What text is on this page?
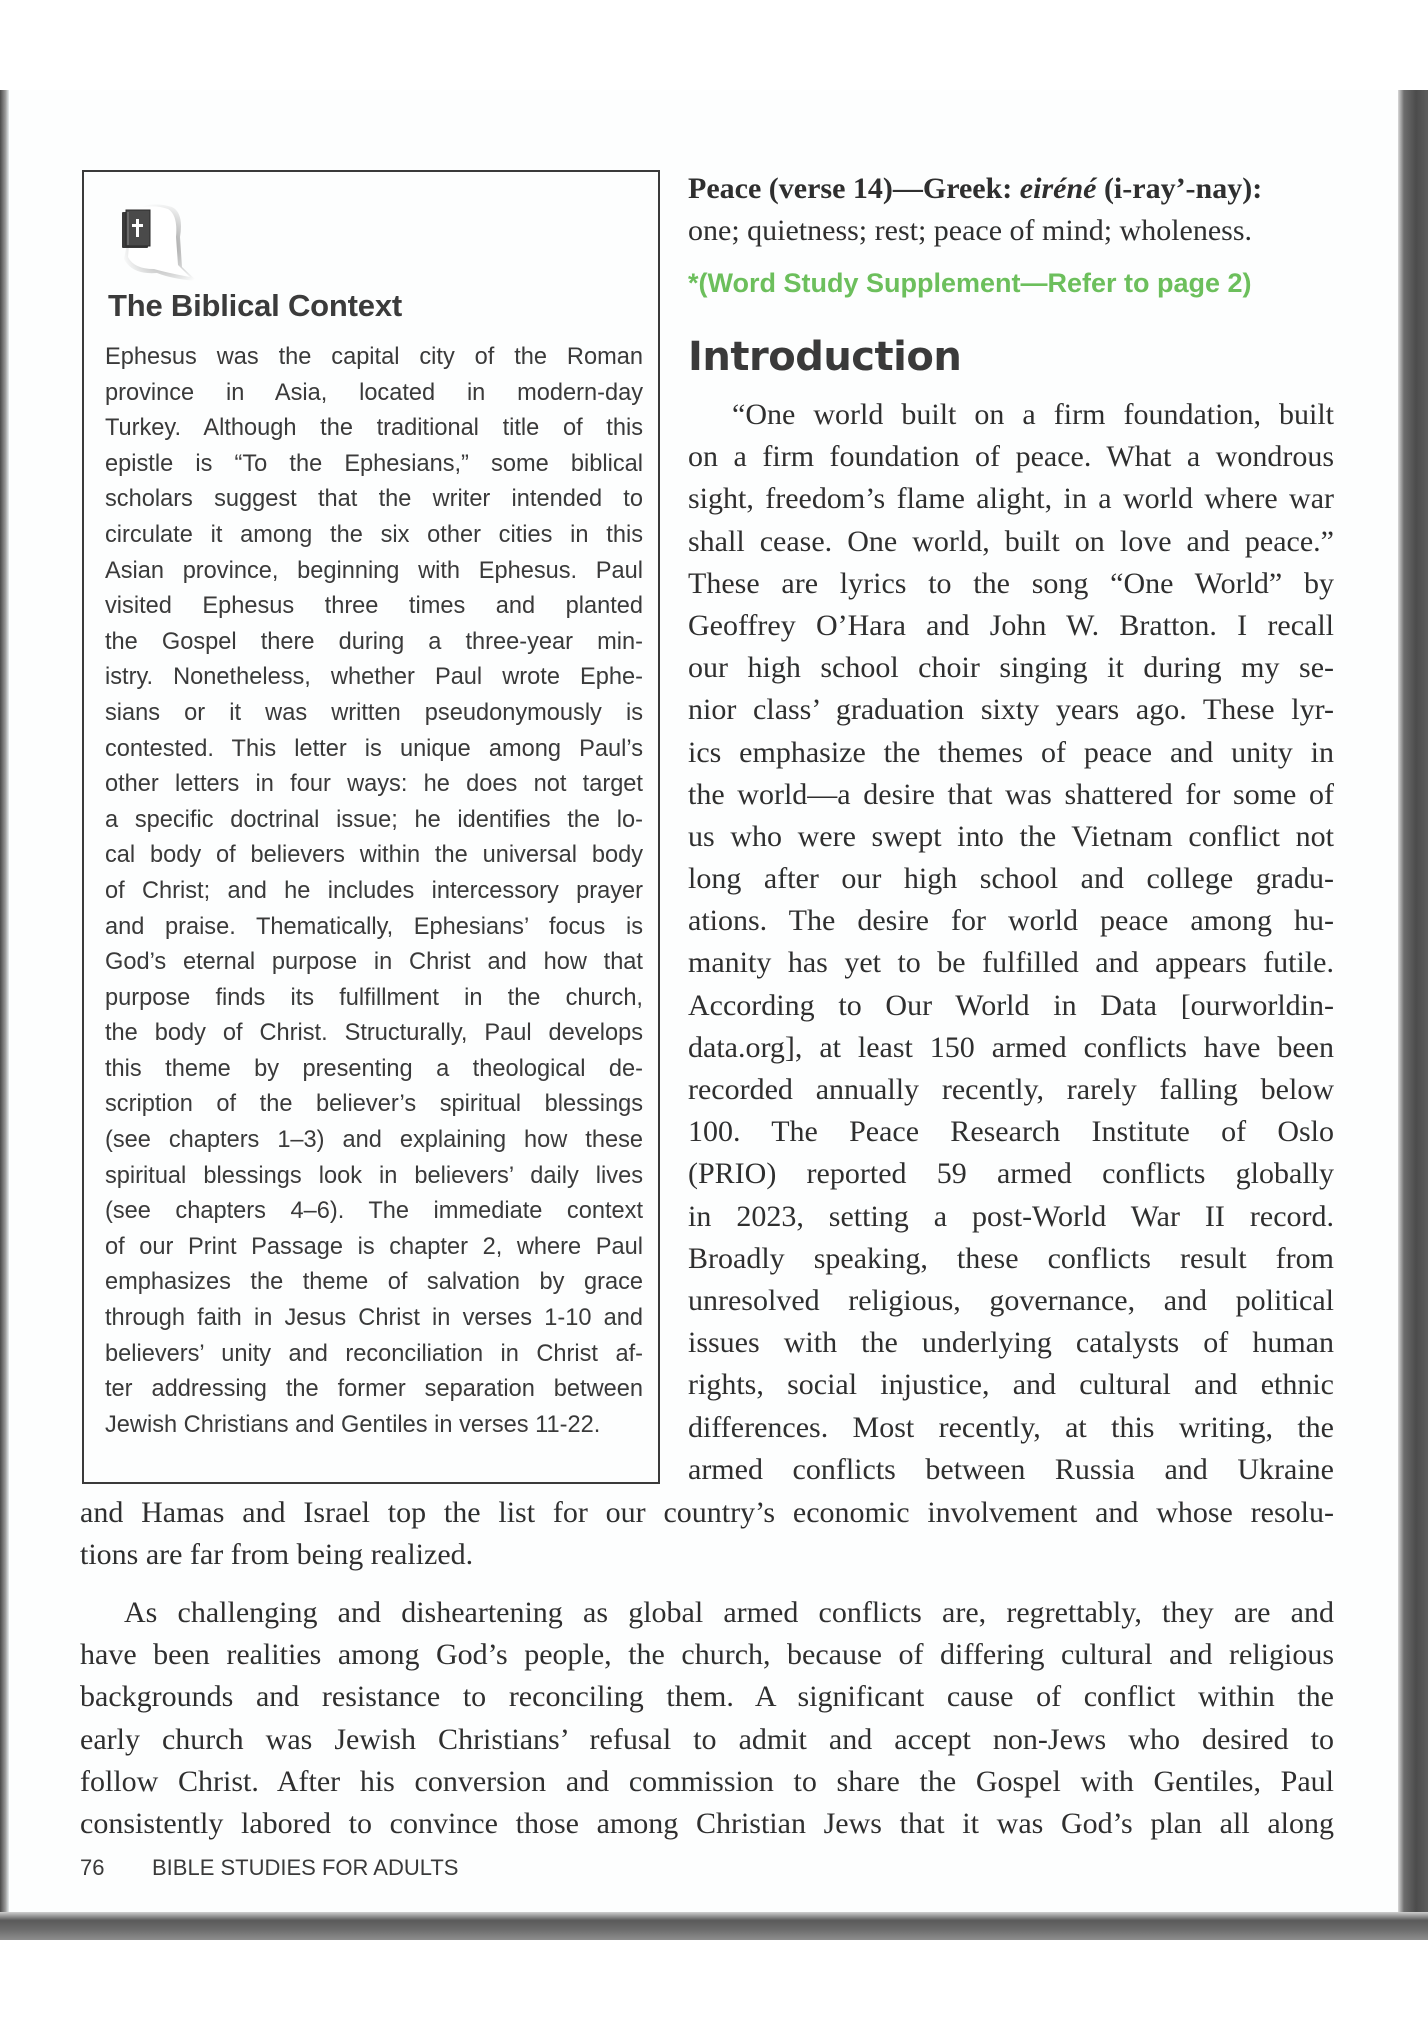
The Biblical Context
Ephesus was the capital city of the Roman
province in Asia, located in modern-day
Turkey. Although the traditional title of this
epistle is “To the Ephesians,” some biblical
scholars suggest that the writer intended to
circulate it among the six other cities in this
Asian province, beginning with Ephesus. Paul
visited Ephesus three times and planted
the Gospel there during a three-year min-
istry. Nonetheless, whether Paul wrote Ephe-
sians or it was written pseudonymously is
contested. This letter is unique among Paul’s
other letters in four ways: he does not target
a specific doctrinal issue; he identifies the lo-
cal body of believers within the universal body
of Christ; and he includes intercessory prayer
and praise. Thematically, Ephesians’ focus is
God’s eternal purpose in Christ and how that
purpose finds its fulfillment in the church,
the body of Christ. Structurally, Paul develops
this theme by presenting a theological de-
scription of the believer’s spiritual blessings
(see chapters 1–3) and explaining how these
spiritual blessings look in believers’ daily lives
(see chapters 4–6). The immediate context
of our Print Passage is chapter 2, where Paul
emphasizes the theme of salvation by grace
through faith in Jesus Christ in verses 1-10 and
believers’ unity and reconciliation in Christ af-
ter addressing the former separation between
Jewish Christians and Gentiles in verses 11-22.
Peace (verse 14)—Greek: eiréné (i-ray’-nay):
one; quietness; rest; peace of mind; wholeness.
*(Word Study Supplement—Refer to page 2)
Introduction
“One world built on a firm foundation, built
on a firm foundation of peace. What a wondrous
sight, freedom’s flame alight, in a world where war
shall cease. One world, built on love and peace.”
These are lyrics to the song “One World” by
Geoffrey O’Hara and John W. Bratton. I recall
our high school choir singing it during my se-
nior class’ graduation sixty years ago. These lyr-
ics emphasize the themes of peace and unity in
the world—a desire that was shattered for some of
us who were swept into the Vietnam conflict not
long after our high school and college gradu-
ations. The desire for world peace among hu-
manity has yet to be fulfilled and appears futile.
According to Our World in Data [ourworldin-
data.org], at least 150 armed conflicts have been
recorded annually recently, rarely falling below
100. The Peace Research Institute of Oslo
(PRIO) reported 59 armed conflicts globally
in 2023, setting a post-World War II record.
Broadly speaking, these conflicts result from
unresolved religious, governance, and political
issues with the underlying catalysts of human
rights, social injustice, and cultural and ethnic
differences. Most recently, at this writing, the
armed conflicts between Russia and Ukraine
and Hamas and Israel top the list for our country’s economic involvement and whose resolu-
tions are far from being realized.
As challenging and disheartening as global armed conflicts are, regrettably, they are and
have been realities among God’s people, the church, because of differing cultural and religious
backgrounds and resistance to reconciling them. A significant cause of conflict within the
early church was Jewish Christians’ refusal to admit and accept non-Jews who desired to
follow Christ. After his conversion and commission to share the Gospel with Gentiles, Paul
consistently labored to convince those among Christian Jews that it was God’s plan all along
76 BIBLE STUDIES FOR ADULTS
